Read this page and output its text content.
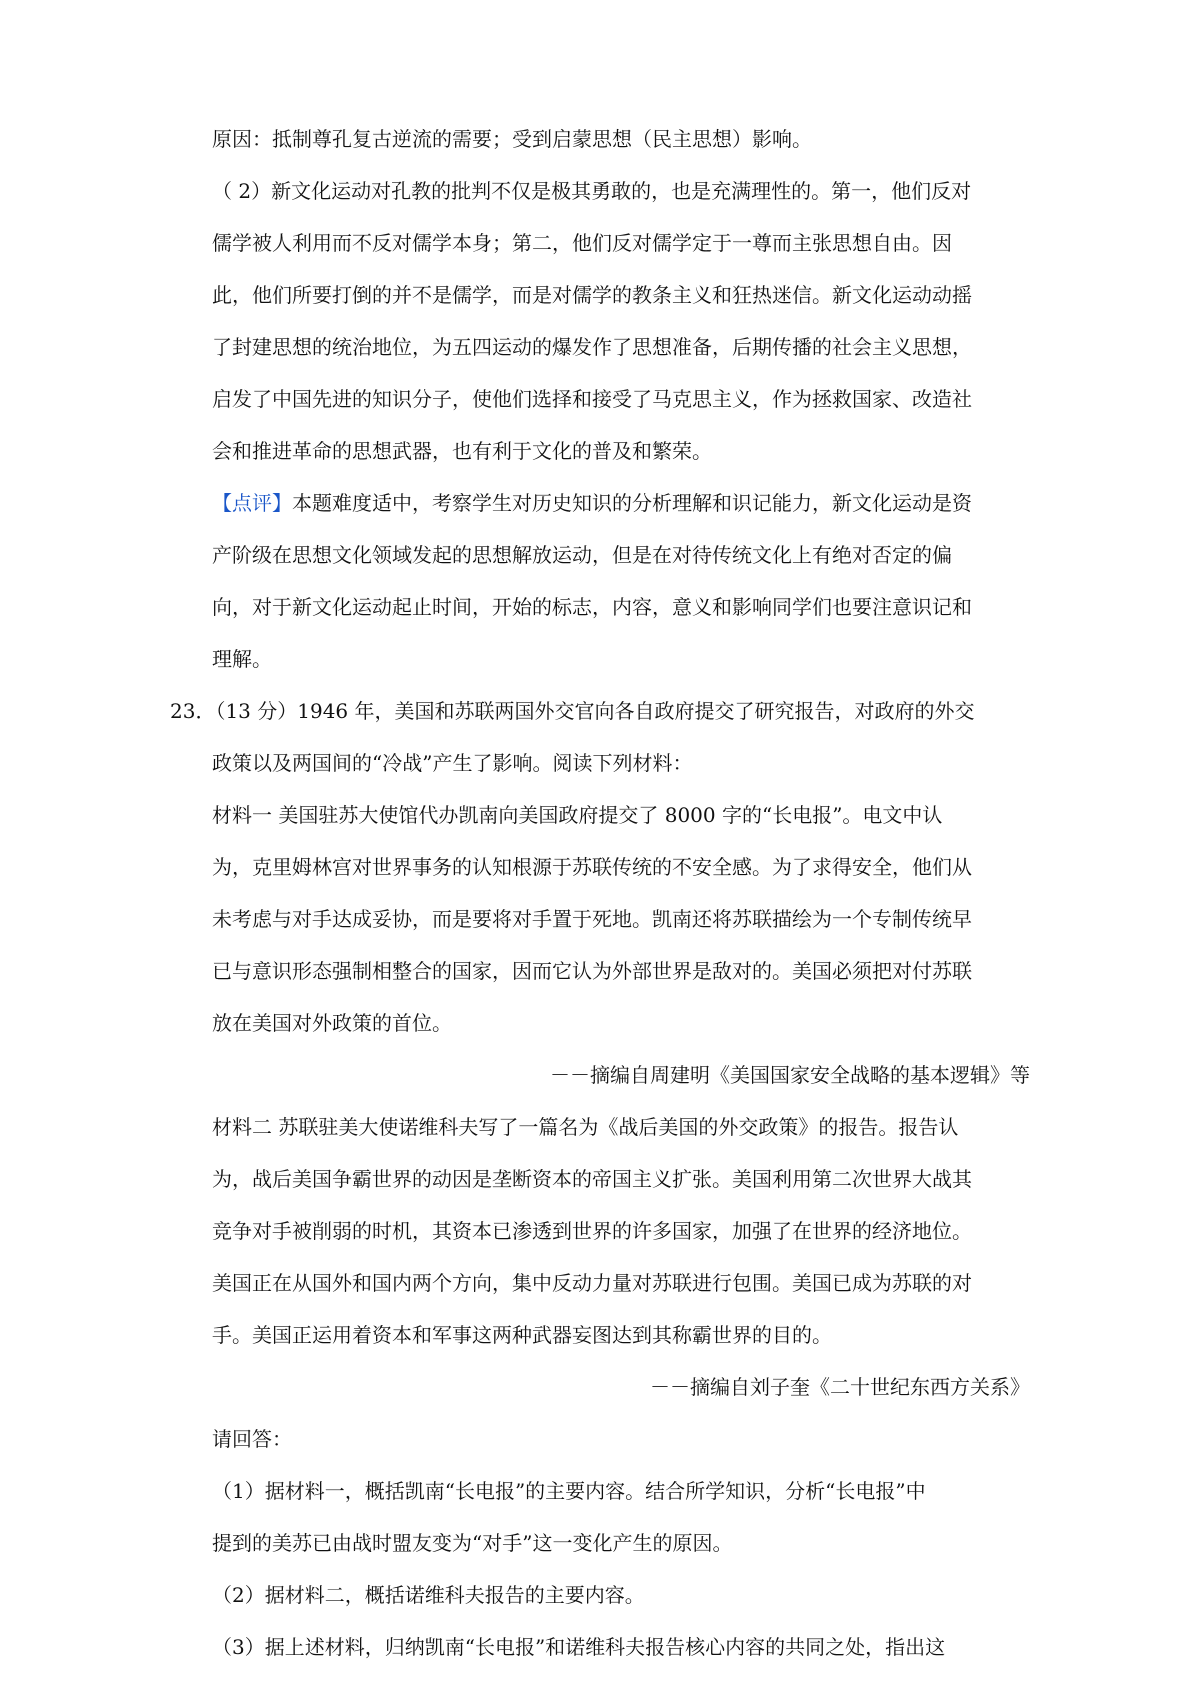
原因：抵制尊孔复古逆流的需要；受到启蒙思想（民主思想）影响。
（ 2）新文化运动对孔教的批判不仅是极其勇敢的，也是充满理性的。第一，他们反对
儒学被人利用而不反对儒学本身；第二，他们反对儒学定于一尊而主张思想自由。因
此，他们所要打倒的并不是儒学，而是对儒学的教条主义和狂热迷信。新文化运动动摇
了封建思想的统治地位，为五四运动的爆发作了思想准备，后期传播的社会主义思想，
启发了中国先进的知识分子，使他们选择和接受了马克思主义，作为拯救国家、改造社
会和推进革命的思想武器，也有利于文化的普及和繁荣。
【点评】本题难度适中，考察学生对历史知识的分析理解和识记能力，新文化运动是资
产阶级在思想文化领域发起的思想解放运动，但是在对待传统文化上有绝对否定的偏
向，对于新文化运动起止时间，开始的标志，内容，意义和影响同学们也要注意识记和
理解。
23．（13 分）1946 年，美国和苏联两国外交官向各自政府提交了研究报告，对政府的外交
政策以及两国间的“冷战”产生了影响。阅读下列材料：
材料一 美国驻苏大使馆代办凯南向美国政府提交了 8000 字的“长电报”。电文中认
为，克里姆林宫对世界事务的认知根源于苏联传统的不安全感。为了求得安全，他们从
未考虑与对手达成妥协，而是要将对手置于死地。凯南还将苏联描绘为一个专制传统早
已与意识形态强制相整合的国家，因而它认为外部世界是敌对的。美国必须把对付苏联
放在美国对外政策的首位。
－－摘编自周建明《美国国家安全战略的基本逻辑》等
材料二 苏联驻美大使诺维科夫写了一篇名为《战后美国的外交政策》的报告。报告认
为，战后美国争霸世界的动因是垄断资本的帝国主义扩张。美国利用第二次世界大战其
竞争对手被削弱的时机，其资本已渗透到世界的许多国家，加强了在世界的经济地位。
美国正在从国外和国内两个方向，集中反动力量对苏联进行包围。美国已成为苏联的对
手。美国正运用着资本和军事这两种武器妄图达到其称霸世界的目的。
－－摘编自刘子奎《二十世纪东西方关系》
请回答：
（1）据材料一，概括凯南“长电报”的主要内容。结合所学知识，分析“长电报”中
提到的美苏已由战时盟友变为“对手”这一变化产生的原因。
（2）据材料二，概括诺维科夫报告的主要内容。
（3）据上述材料，归纳凯南“长电报”和诺维科夫报告核心内容的共同之处，指出这
